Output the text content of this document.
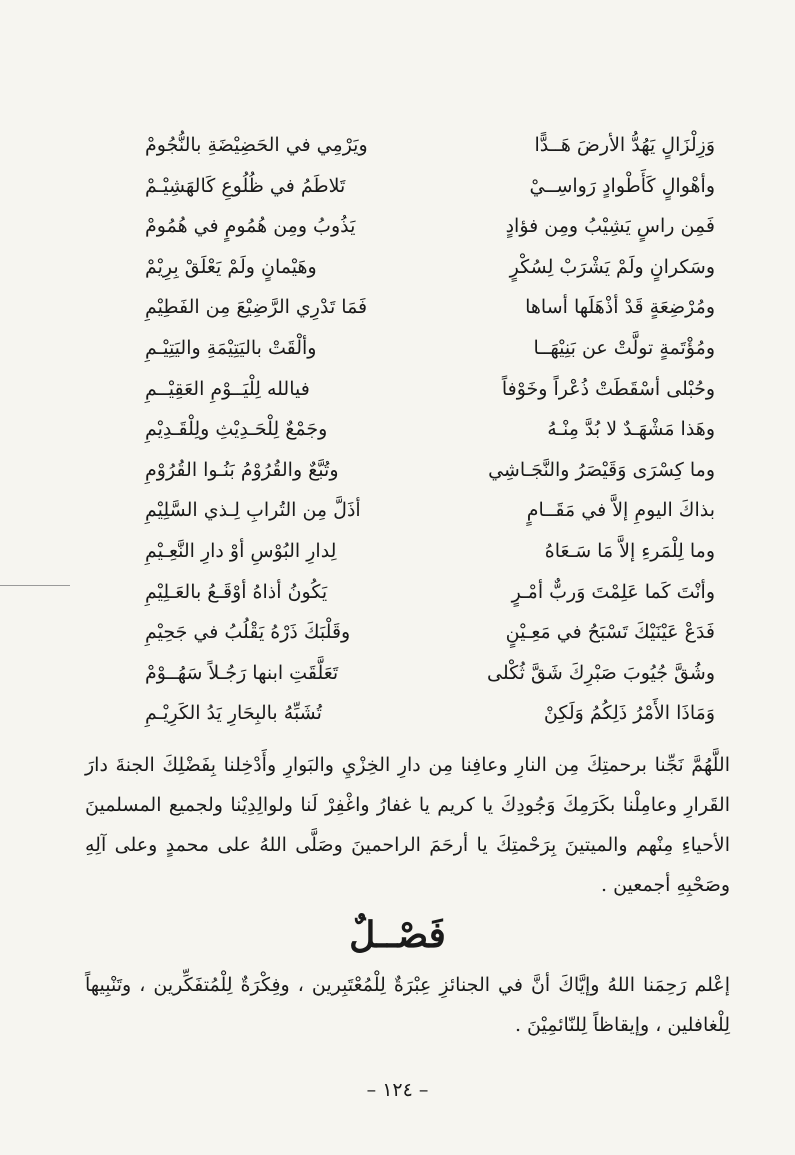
وَزِلْزَالٍ يَهُدُّ الأرضَ هَــدًّا
ويَرْمِي في الحَضِيْضَةِ بالنُّجُومْ
وأهْوالٍ كَأَطْوادٍ رَواسِــيْ
تَلاطَمُ في ظُلُوعِ كَالهَشِيْـمْ
فَمِن راسٍ يَشِيْبُ ومِن فؤادٍ
يَذُوبُ ومِن هُمُومٍ في هُمُومْ
وسَكرانٍ ولَمْ يَشْرَبْ لِسُكْرٍ
وهَيْمانٍ ولَمْ يَعْلَقْ بِرِيْمْ
ومُرْضِعَةٍ قَدْ أذْهَلَها أساها
فَمَا تَدْرِي الرَّضِيْعَ مِن الفَطِيْمِ
ومُؤْتَمةٍ تولَّتْ عن بَنِيْهَــا
وألْقَتْ باليَتِيْمَةِ واليَتِيْـمِ
وحُبْلى أسْقَطَتْ ذُعْراً وخَوْفاً
فيالله لِلْيَــوْمِ العَقِيْــمِ
وهَذا مَشْهَـدٌ لا بُدَّ مِنْـهُ
وجَمْعٌ لِلْحَـدِيْثِ ولِلْقَـدِيْمِ
وما كِسْرَى وَقَيْصَرُ والنَّجَـاشِي
وتُبَّعٌ والقُرُوْمُ بَنُـوا القُرُوْمِ
بذاكَ اليومِ إلاَّ في مَقَــامٍ
أذَلَّ مِن التُرابِ لِـذي السَّلِيْمِ
وما لِلْمَرءِ إلاَّ مَا سَـعَاهُ
لِدارِ البُوْسِ أوْ دارِ النَّعِـيْمِ
وأنْتَ كَما عَلِمْتَ وَربٌّ أمْـرٍ
يَكُونُ أذاهُ أوْقَـعُ بالعَـلِيْمِ
فَدَعْ عَيْنَيْكَ تَسْبَحُ في مَعِـيْنٍ
وقَلْبَكَ ذَرْهُ يَقْلُبُ في جَحِيْمِ
وشُقَّ جُيُوبَ صَبْرِكَ شَقَّ ثُكْلى
تَعَلَّقَتِ ابنها رَجُـلاً سَهُــوْمْ
وَمَاذَا الأَمْرُ ذَلِكُمُ وَلَكِنْ
تُشَبِّهُ بالبِحَارِ يَدُ الكَرِيْـمِ
اللَّهُمَّ نَجِّنا برحمتِكَ مِن النارِ وعافِنا مِن دارِ الخِزْيِ والبَوارِ وأَدْخِلنا بِفَضْلِكَ الجنةَ دارَ القَرارِ وعامِلْنا بكَرَمِكَ وَجُودِكَ يا كريم يا غفارُ واغْفِرْ لَنا ولوالِدِيْنا ولجميع المسلمينَ الأحياءِ مِنْهم والميتينَ بِرَحْمتِكَ يا أرحَمَ الراحمينَ وصَلَّى اللهُ على محمدٍ وعلى آلِهِ وصَحْبِهِ أجمعين .
فَصْــلٌ
إعْلم رَحِمَنا اللهُ وإيَّاكَ أنَّ في الجنائزِ عِبْرَةٌ لِلْمُعْتَبِرين ، وفِكْرَةٌ لِلْمُتفَكِّرين ، وتَنْبِيهاً لِلْغافلين ، وإيقاظاً لِلنّائمِيْنَ .
– ١٢٤ –
